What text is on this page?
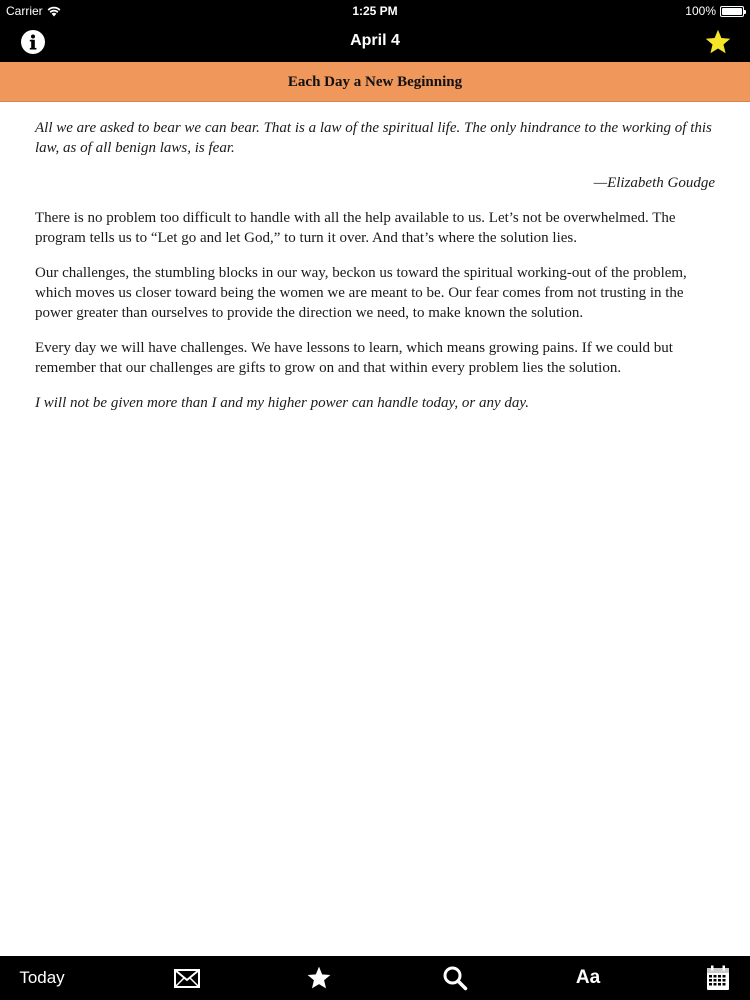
Carrier	1:25 PM	100%
April 4
Each Day a New Beginning

All we are asked to bear we can bear. That is a law of the spiritual life. The only hindrance to the working of this law, as of all benign laws, is fear.

—Elizabeth Goudge

There is no problem too difficult to handle with all the help available to us. Let’s not be overwhelmed. The program tells us to “Let go and let God,” to turn it over. And that’s where the solution lies.

Our challenges, the stumbling blocks in our way, beckon us toward the spiritual working-out of the problem, which moves us closer toward being the women we are meant to be. Our fear comes from not trusting in the power greater than ourselves to provide the direction we need, to make known the solution.

Every day we will have challenges. We have lessons to learn, which means growing pains. If we could but remember that our challenges are gifts to grow on and that within every problem lies the solution.

I will not be given more than I and my higher power can handle today, or any day.

Today	Aa
